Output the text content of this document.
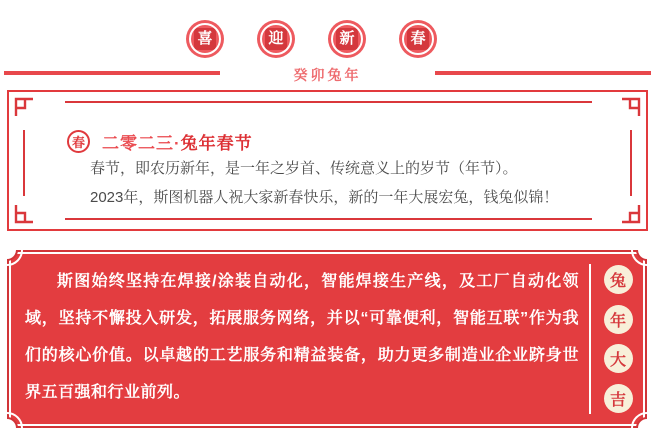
喜	迎	新	春
癸卯兔年
春 二零二三·兔年春节
春节，即农历新年，是一年之岁首、传统意义上的岁节（年节）。
2023年，斯图机器人祝大家新春快乐，新的一年大展宏兔，钱兔似锦！
斯图始终坚持在焊接/涂装自动化，智能焊接生产线，及工厂自动化领域，坚持不懈投入研发，拓展服务网络，并以“可靠便利，智能互联”作为我们的核心价值。以卓越的工艺服务和精益装备，助力更多制造业企业跻身世界五百强和行业前列。
兔
年
大
吉
